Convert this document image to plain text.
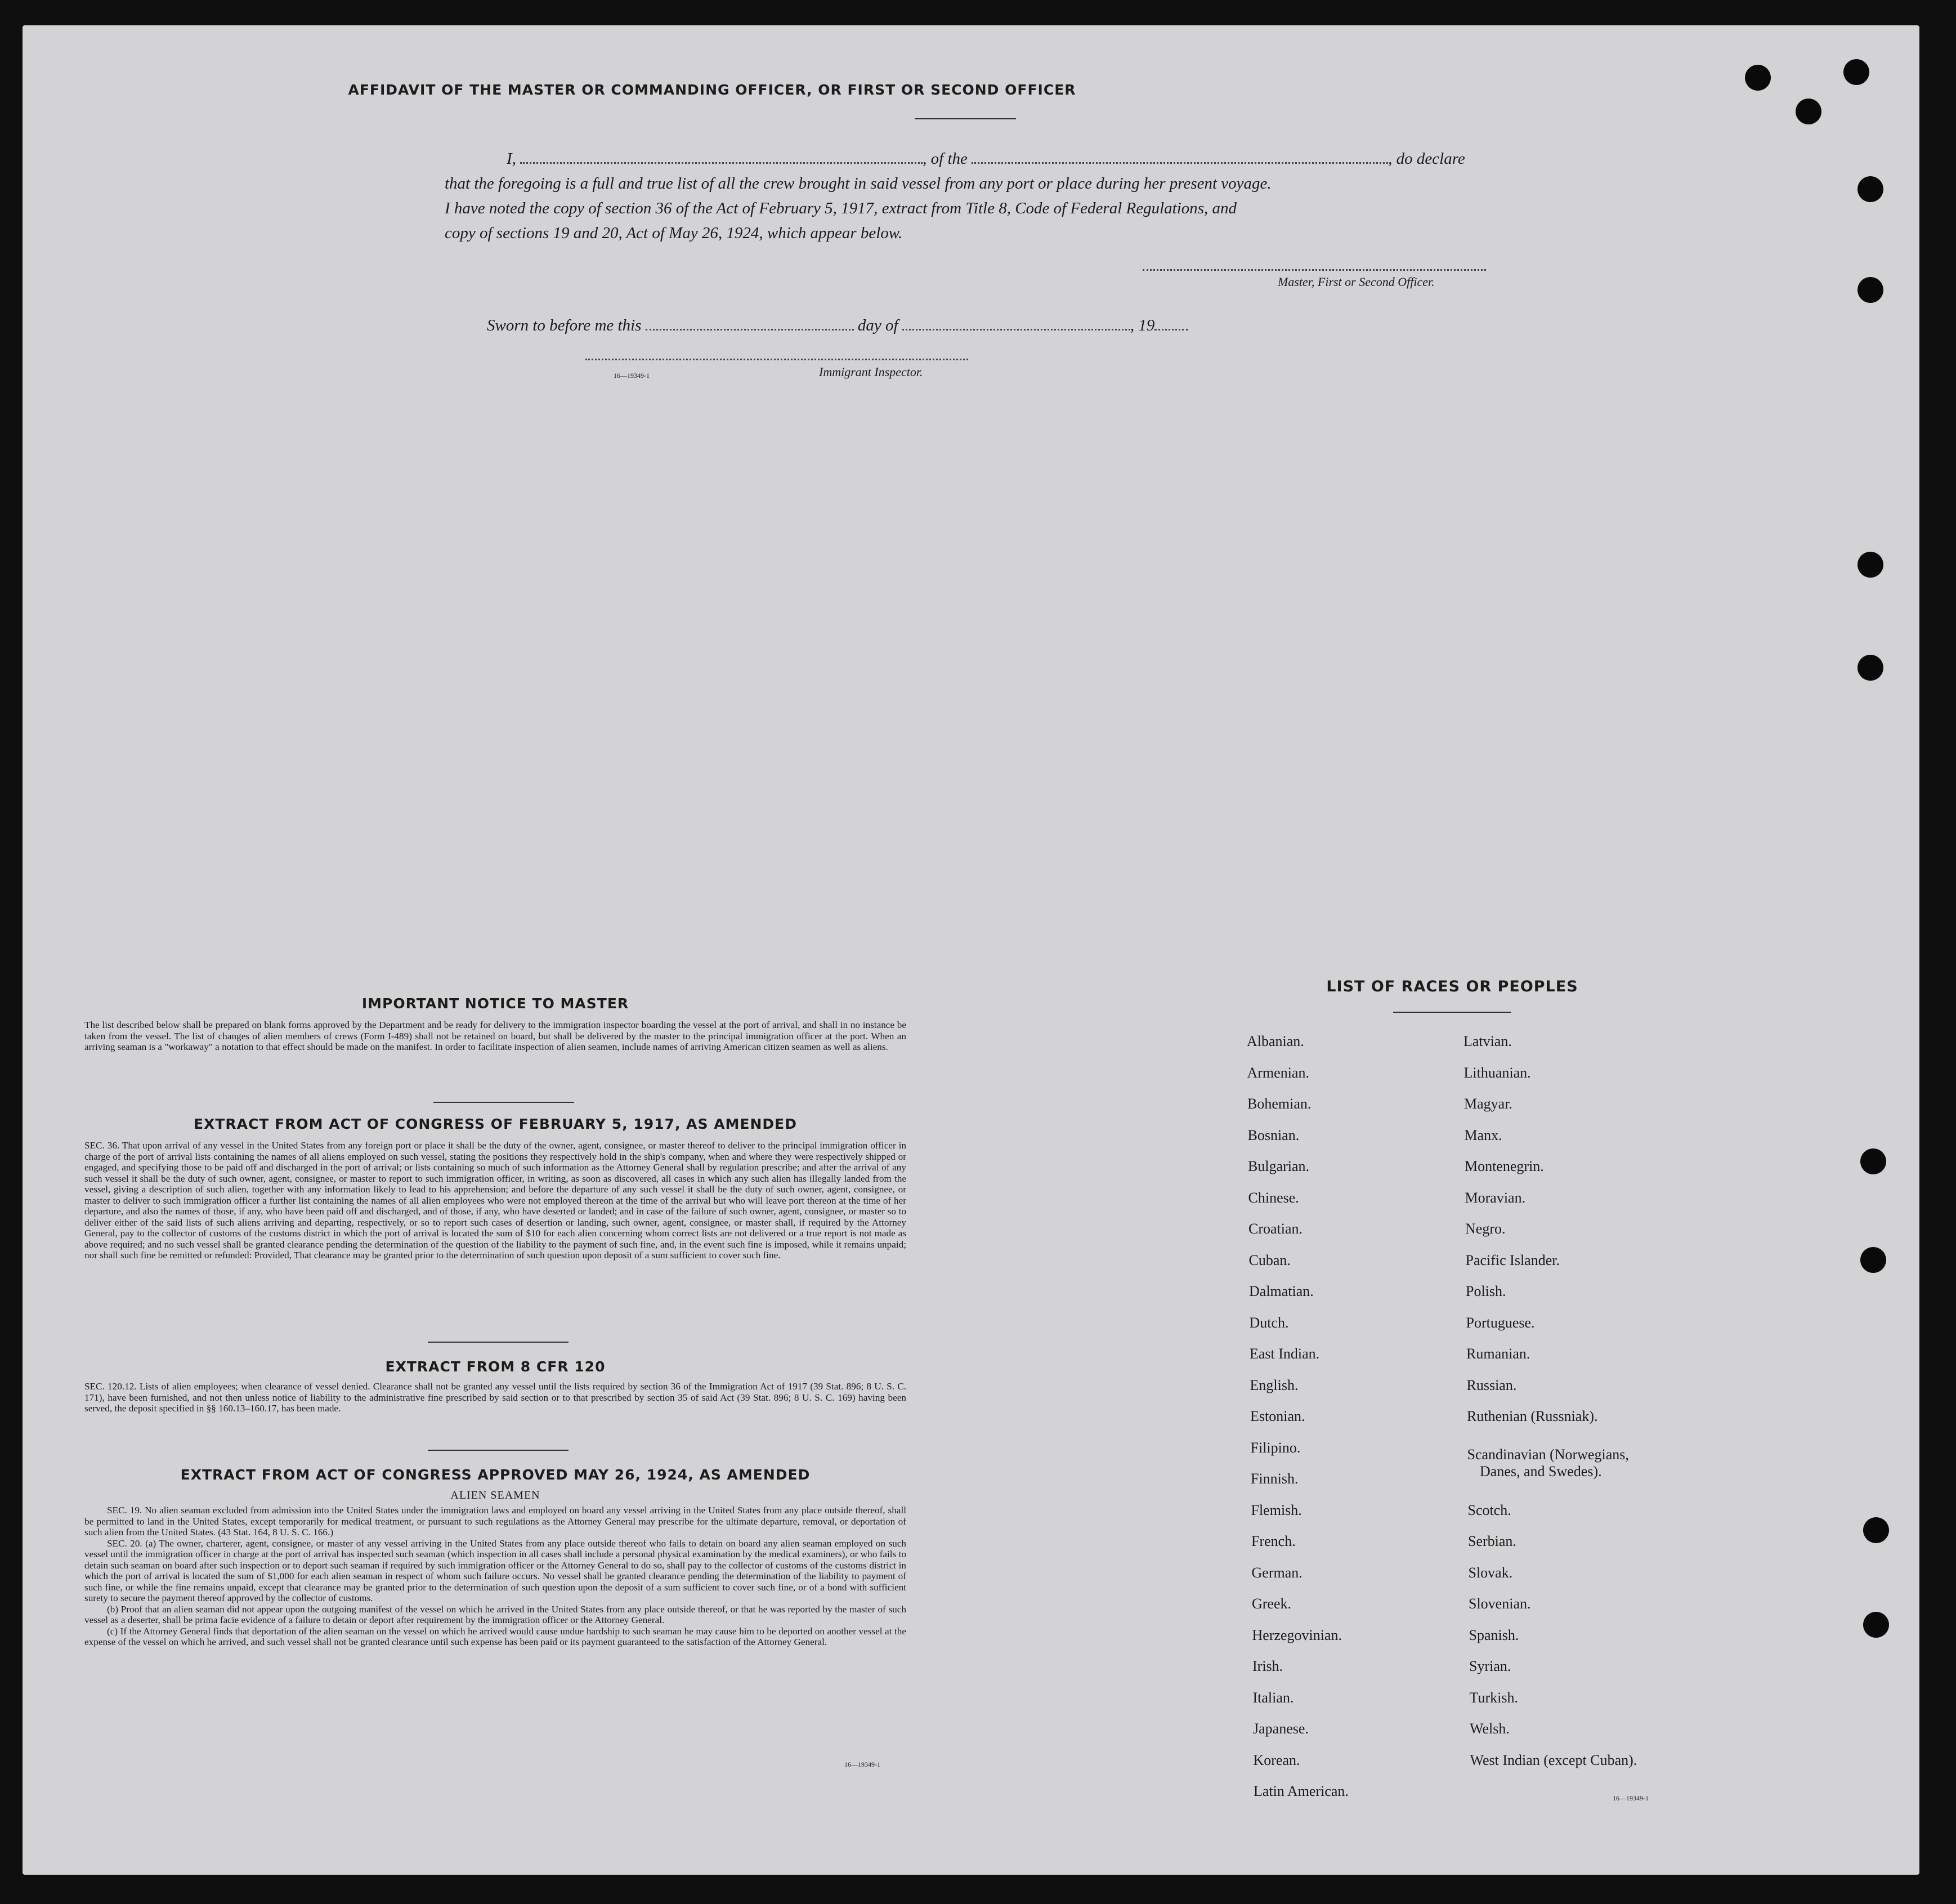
AFFIDAVIT OF THE MASTER OR COMMANDING OFFICER, OR FIRST OR SECOND OFFICER
I,	, of the	, do declare
that the foregoing is a full and true list of all the crew brought in said vessel from any port or place during her present voyage.
I have noted the copy of section 36 of the Act of February 5, 1917, extract from Title 8, Code of Federal Regulations, and
copy of sections 19 and 20, Act of May 26, 1924, which appear below.
Master, First or Second Officer.
Sworn to before me this	day of	, 19
16—19349-1	Immigrant Inspector.
IMPORTANT NOTICE TO MASTER
The list described below shall be prepared on blank forms approved by the Department and be ready for delivery to the immigration inspector boarding the vessel at the port of arrival, and shall in no instance be taken from the vessel. The list of changes of alien members of crews (Form I-489) shall not be retained on board, but shall be delivered by the master to the principal immigration officer at the port. When an arriving seaman is a "workaway" a notation to that effect should be made on the manifest. In order to facilitate inspection of alien seamen, include names of arriving American citizen seamen as well as aliens.
EXTRACT FROM ACT OF CONGRESS OF FEBRUARY 5, 1917, AS AMENDED
SEC. 36. That upon arrival of any vessel in the United States from any foreign port or place it shall be the duty of the owner, agent, consignee, or master thereof to deliver to the principal immigration officer in charge of the port of arrival lists containing the names of all aliens employed on such vessel, stating the positions they respectively hold in the ship's company, when and where they were respectively shipped or engaged, and specifying those to be paid off and discharged in the port of arrival; or lists containing so much of such information as the Attorney General shall by regulation prescribe; and after the arrival of any such vessel it shall be the duty of such owner, agent, consignee, or master to report to such immigration officer, in writing, as soon as discovered, all cases in which any such alien has illegally landed from the vessel, giving a description of such alien, together with any information likely to lead to his apprehension; and before the departure of any such vessel it shall be the duty of such owner, agent, consignee, or master to deliver to such immigration officer a further list containing the names of all alien employees who were not employed thereon at the time of the arrival but who will leave port thereon at the time of her departure, and also the names of those, if any, who have been paid off and discharged, and of those, if any, who have deserted or landed; and in case of the failure of such owner, agent, consignee, or master so to deliver either of the said lists of such aliens arriving and departing, respectively, or so to report such cases of desertion or landing, such owner, agent, consignee, or master shall, if required by the Attorney General, pay to the collector of customs of the customs district in which the port of arrival is located the sum of $10 for each alien concerning whom correct lists are not delivered or a true report is not made as above required; and no such vessel shall be granted clearance pending the determination of the question of the liability to the payment of such fine, and, in the event such fine is imposed, while it remains unpaid; nor shall such fine be remitted or refunded: Provided, That clearance may be granted prior to the determination of such question upon deposit of a sum sufficient to cover such fine.
EXTRACT FROM 8 CFR 120
SEC. 120.12. Lists of alien employees; when clearance of vessel denied. Clearance shall not be granted any vessel until the lists required by section 36 of the Immigration Act of 1917 (39 Stat. 896; 8 U. S. C. 171), have been furnished, and not then unless notice of liability to the administrative fine prescribed by said section or to that prescribed by section 35 of said Act (39 Stat. 896; 8 U. S. C. 169) having been served, the deposit specified in §§ 160.13–160.17, has been made.
EXTRACT FROM ACT OF CONGRESS APPROVED MAY 26, 1924, AS AMENDED
ALIEN SEAMEN
SEC. 19. No alien seaman excluded from admission into the United States under the immigration laws and employed on board any vessel arriving in the United States from any place outside thereof, shall be permitted to land in the United States, except temporarily for medical treatment, or pursuant to such regulations as the Attorney General may prescribe for the ultimate departure, removal, or deportation of such alien from the United States. (43 Stat. 164, 8 U. S. C. 166.)
SEC. 20. (a) The owner, charterer, agent, consignee, or master of any vessel arriving in the United States from any place outside thereof who fails to detain on board any alien seaman employed on such vessel until the immigration officer in charge at the port of arrival has inspected such seaman (which inspection in all cases shall include a personal physical examination by the medical examiners), or who fails to detain such seaman on board after such inspection or to deport such seaman if required by such immigration officer or the Attorney General to do so, shall pay to the collector of customs of the customs district in which the port of arrival is located the sum of $1,000 for each alien seaman in respect of whom such failure occurs. No vessel shall be granted clearance pending the determination of the liability to payment of such fine, or while the fine remains unpaid, except that clearance may be granted prior to the determination of such question upon the deposit of a sum sufficient to cover such fine, or of a bond with sufficient surety to secure the payment thereof approved by the collector of customs.
(b) Proof that an alien seaman did not appear upon the outgoing manifest of the vessel on which he arrived in the United States from any place outside thereof, or that he was reported by the master of such vessel as a deserter, shall be prima facie evidence of a failure to detain or deport after requirement by the immigration officer or the Attorney General.
(c) If the Attorney General finds that deportation of the alien seaman on the vessel on which he arrived would cause undue hardship to such seaman he may cause him to be deported on another vessel at the expense of the vessel on which he arrived, and such vessel shall not be granted clearance until such expense has been paid or its payment guaranteed to the satisfaction of the Attorney General.
16—19349-1
LIST OF RACES OR PEOPLES
16—19349-1
Albanian.
Armenian.
Bohemian.
Bosnian.
Bulgarian.
Chinese.
Croatian.
Cuban.
Dalmatian.
Dutch.
East Indian.
English.
Estonian.
Filipino.
Finnish.
Flemish.
French.
German.
Greek.
Herzegovinian.
Irish.
Italian.
Japanese.
Korean.
Latin American.
Latvian.
Lithuanian.
Magyar.
Manx.
Montenegrin.
Moravian.
Negro.
Pacific Islander.
Polish.
Portuguese.
Rumanian.
Russian.
Ruthenian (Russniak).
Scandinavian (Norwegians,
Danes, and Swedes).
Scotch.
Serbian.
Slovak.
Slovenian.
Spanish.
Syrian.
Turkish.
Welsh.
West Indian (except Cuban).
